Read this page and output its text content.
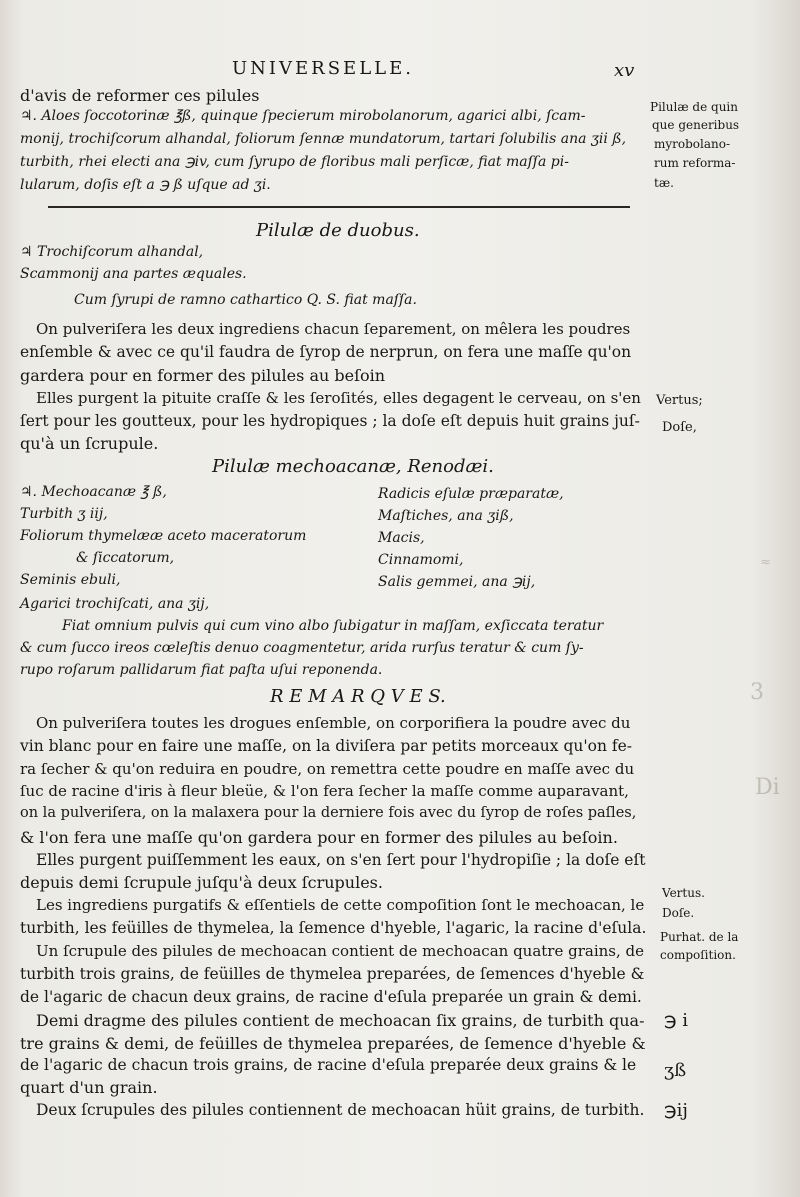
≈
3
Di
UNIVERSELLE.	xv
d'avis de reformer ces pilules
♃. Aloes ſoccotorinæ ℥ß, quinque ſpecierum mirobolanorum, agarici albi, ſcam-
monij, trochiſcorum alhandal, foliorum ſennæ mundatorum, tartari ſolubilis ana ʒii ß,
turbith, rhei electi ana ℈iv, cum ſyrupo de floribus mali perſicæ, fiat maſſa pi-
lularum, doſis eſt a ℈ ß uſque ad ʒi.
Pilulæ de quin
que generibus
myrobolano-
rum reforma-
tæ.
Pilulæ de duobus.
♃ Trochiſcorum alhandal,
Scammonij ana partes æquales.
Cum ſyrupi de ramno cathartico Q. S. fiat maſſa.
On pulveriſera les deux ingrediens chacun ſeparement, on mêlera les poudres
enſemble & avec ce qu'il faudra de ſyrop de nerprun, on fera une maſſe qu'on
gardera pour en former des pilules au beſoin
Elles purgent la pituite craſſe & les ſeroſités, elles degagent le cerveau, on s'en
ſert pour les goutteux, pour les hydropiques ; la doſe eſt depuis huit grains juſ-
qu'à un ſcrupule.
Vertus;
Doſe,
Pilulæ mechoacanæ, Renodæi.
♃. Mechoacanæ ℥ ß,
Turbith ʒ iij,
Foliorum thymelææ aceto maceratorum
& ſiccatorum,
Seminis ebuli,
Agarici trochiſcati, ana ʒij,
Radicis eſulæ præparatæ,
Maſtiches, ana ʒiß,
Macis,
Cinnamomi,
Salis gemmei, ana ℈ij,
Fiat omnium pulvis qui cum vino albo ſubigatur in maſſam, exſiccata teratur
& cum ſucco ireos cœleſtis denuo coagmentetur, arida rurſus teratur & cum ſy-
rupo roſarum pallidarum fiat paſta uſui reponenda.
R E M A R Q V E S.
On pulveriſera toutes les drogues enſemble, on corporifiera la poudre avec du
vin blanc pour en faire une maſſe, on la diviſera par petits morceaux qu'on fe-
ra ſecher & qu'on reduira en poudre, on remettra cette poudre en maſſe avec du
ſuc de racine d'iris à fleur bleüe, & l'on fera ſecher la maſſe comme auparavant,
on la pulveriſera, on la malaxera pour la derniere fois avec du ſyrop de roſes paſles,
& l'on fera une maſſe qu'on gardera pour en former des pilules au beſoin.
Elles purgent puiſſemment les eaux, on s'en ſert pour l'hydropiſie ; la doſe eſt
depuis demi ſcrupule juſqu'à deux ſcrupules.
Les ingrediens purgatifs & eſſentiels de cette compoſition ſont le mechoacan, le
turbith, les feüilles de thymelea, la ſemence d'hyeble, l'agaric, la racine d'eſula.
Un ſcrupule des pilules de mechoacan contient de mechoacan quatre grains, de
turbith trois grains, de feüilles de thymelea preparées, de ſemences d'hyeble &
de l'agaric de chacun deux grains, de racine d'eſula preparée un grain & demi.
Demi dragme des pilules contient de mechoacan ſix grains, de turbith qua-
tre grains & demi, de feüilles de thymelea preparées, de ſemence d'hyeble &
de l'agaric de chacun trois grains, de racine d'eſula preparée deux grains & le
quart d'un grain.
Deux ſcrupules des pilules contiennent de mechoacan hüit grains, de turbith.
Vertus.
Doſe.
Purhat. de la
compoſition.
℈ i
ʒß
℈ij
